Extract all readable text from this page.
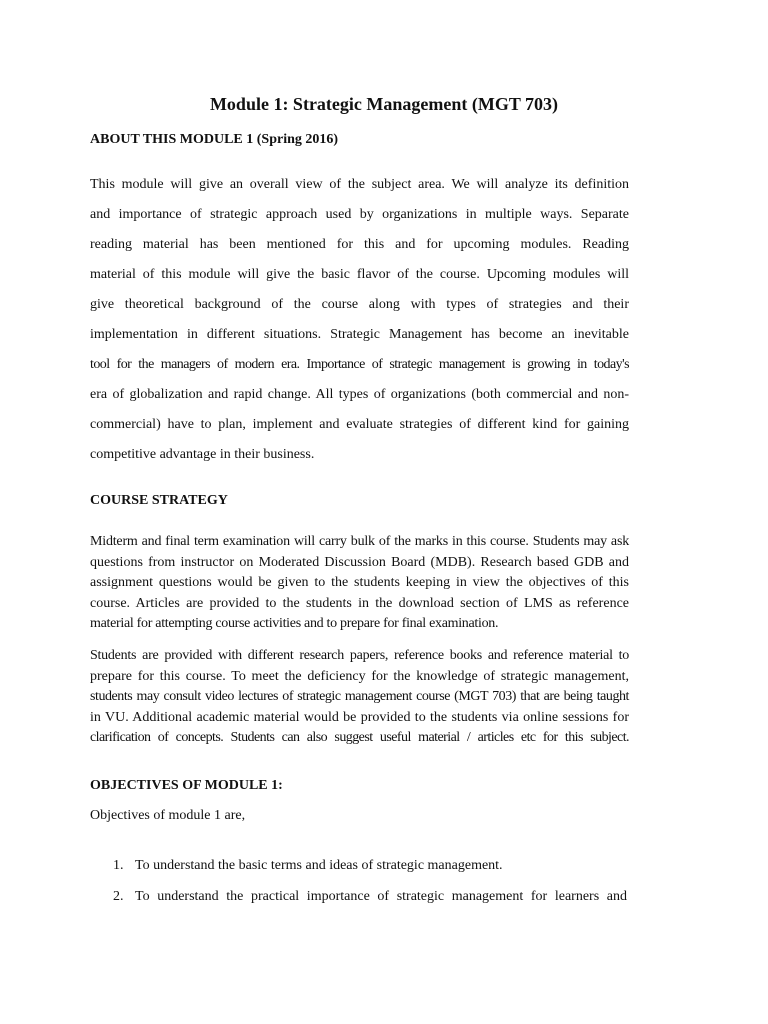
Module 1: Strategic Management (MGT 703)
ABOUT THIS MODULE 1 (Spring 2016)

This module will give an overall view of the subject area. We will analyze its definition
and importance of strategic approach used by organizations in multiple ways. Separate
reading material has been mentioned for this and for upcoming modules. Reading
material of this module will give the basic flavor of the course. Upcoming modules will
give theoretical background of the course along with types of strategies and their
implementation in different situations. Strategic Management has become an inevitable
tool for the managers of modern era. Importance of strategic management is growing in today's
era of globalization and rapid change. All types of organizations (both commercial and non-
commercial) have to plan, implement and evaluate strategies of different kind for gaining
competitive advantage in their business.

COURSE STRATEGY

Midterm and final term examination will carry bulk of the marks in this course. Students may ask
questions from instructor on Moderated Discussion Board (MDB). Research based GDB and
assignment questions would be given to the students keeping in view the objectives of this
course. Articles are provided to the students in the download section of LMS as reference
material for attempting course activities and to prepare for final examination.

Students are provided with different research papers, reference books and reference material to
prepare for this course. To meet the deficiency for the knowledge of strategic management,
students may consult video lectures of strategic management course (MGT 703) that are being taught
in VU. Additional academic material would be provided to the students via online sessions for
clarification of concepts. Students can also suggest useful material / articles etc for this subject.

OBJECTIVES OF MODULE 1:

Objectives of module 1 are,

1. To understand the basic terms and ideas of strategic management.

2. To understand the practical importance of strategic management for learners and
